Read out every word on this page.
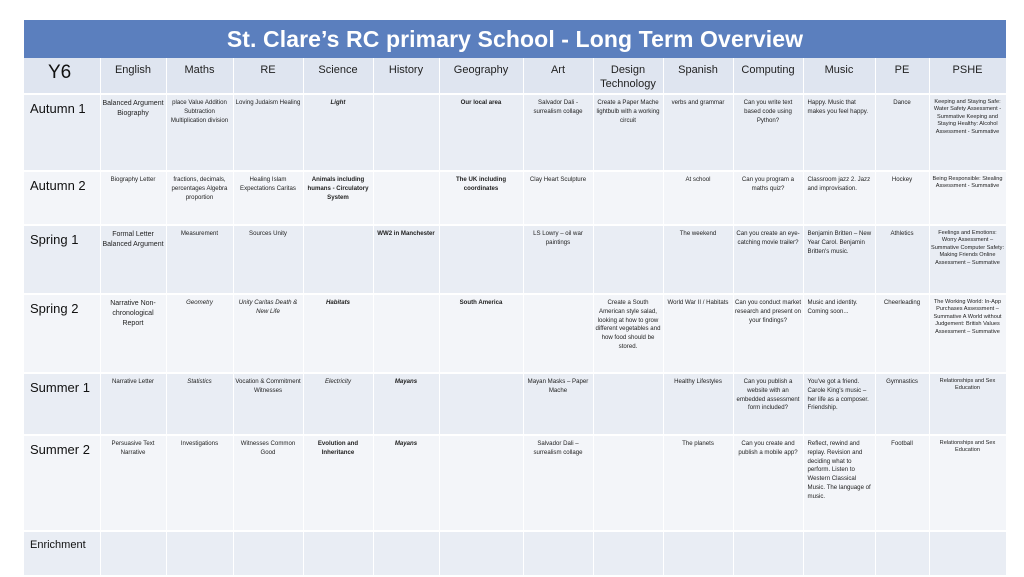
St. Clare’s RC primary School - Long Term Overview
Y6	English	Maths	RE	Science	History	Geography	Art	Design Technology	Spanish	Computing	Music	PE	PSHE
Autumn 1	Balanced Argument Biography	place Value Addition Subtraction Multiplication division	Loving Judaism Healing	Light		Our local area	Salvador Dali - surrealism collage	Create a Paper Mache lightbulb with a working circuit	verbs and grammar	Can you write text based code using Python?	Happy. Music that makes you feel happy.	Dance	Keeping and Staying Safe: Water Safety Assessment - Summative Keeping and Staying Healthy: Alcohol Assessment - Summative
Autumn 2	Biography Letter	fractions, decimals, percentages Algebra proportion	Healing Islam Expectations Caritas	Animals including humans - Circulatory System		The UK including coordinates	Clay Heart Sculpture		At school	Can you program a maths quiz?	Classroom jazz 2. Jazz and improvisation.	Hockey	Being Responsible: Stealing Assessment - Summative
Spring 1	Formal Letter Balanced Argument	Measurement	Sources Unity		WW2 in Manchester		LS Lowry – oil war paintings		The weekend	Can you create an eye-catching movie trailer?	Benjamin Britten – New Year Carol. Benjamin Britten's music.	Athletics	Feelings and Emotions: Worry Assessment – Summative Computer Safety: Making Friends Online Assessment – Summative
Spring 2	Narrative Non-chronological Report	Geometry	Unity Caritas Death & New Life	Habitats		South America		Create a South American style salad, looking at how to grow different vegetables and how food should be stored.	World War II / Habitats	Can you conduct market research and present on your findings?	Music and identity. Coming soon...	Cheerleading	The Working World: In-App Purchases Assessment – Summative A World without Judgement: British Values Assessment – Summative
Summer 1	Narrative Letter	Statistics	Vocation & Commitment Witnesses	Electricity	Mayans		Mayan Masks – Paper Mache		Healthy Lifestyles	Can you publish a website with an embedded assessment form included?	You've got a friend. Carole King's music – her life as a composer. Friendship.	Gymnastics	Relationships and Sex Education
Summer 2	Persuasive Text Narrative	Investigations	Witnesses Common Good	Evolution and Inheritance	Mayans		Salvador Dali – surrealism collage		The planets	Can you create and publish a mobile app?	Reflect, rewind and replay. Revision and deciding what to perform. Listen to Western Classical Music. The language of music.	Football	Relationships and Sex Education
Enrichment													
